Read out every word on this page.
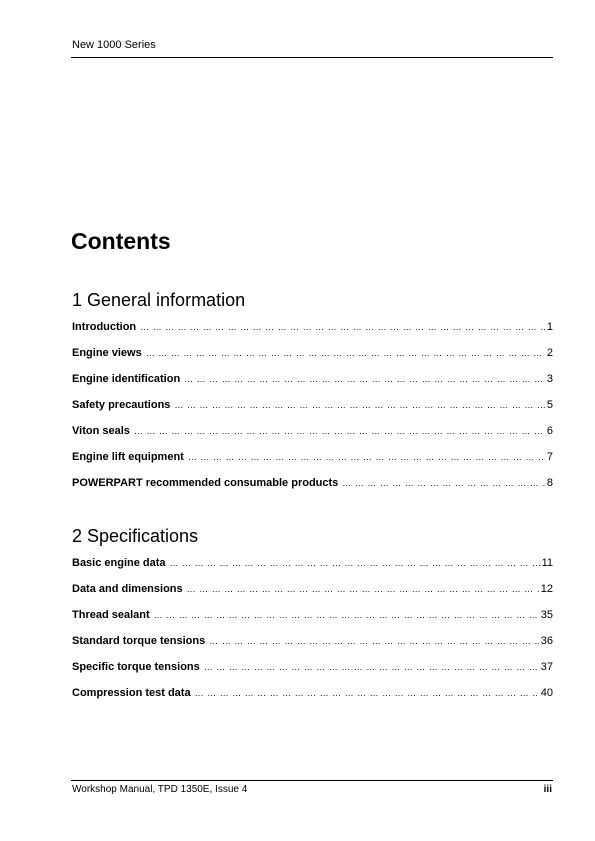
New 1000 Series
Contents
1 General information
Introduction … … … … … … … … … … … … … … … … … … … … … … … … … … … … … … … … … … … … … … … … … … … … … … … … … … … … … … … … … … … … … …	1
Engine views … … … … … … … … … … … … … … … … … … … … … … … … … … … … … … … … … … … … … … … … … … … … … … … … … … … … … … … … … … … … … …	2
Engine identification … … … … … … … … … … … … … … … … … … … … … … … … … … … … … … … … … … … … … … … … … … … … … … … … … … … … … … … … … … … … … …	3
Safety precautions … … … … … … … … … … … … … … … … … … … … … … … … … … … … … … … … … … … … … … … … … … … … … … … … … … … … … … … … … … … … … …	5
Viton seals … … … … … … … … … … … … … … … … … … … … … … … … … … … … … … … … … … … … … … … … … … … … … … … … … … … … … … … … … … … … … …	6
Engine lift equipment … … … … … … … … … … … … … … … … … … … … … … … … … … … … … … … … … … … … … … … … … … … … … … … … … … … … … … … … … … … … … …	7
POWERPART recommended consumable products … … … … … … … … … … … … … … … … … … … … … … … … … … … … … … … … … … … … … … … … … … … … … … … … … … … … … … … … … … … … … …	8
2 Specifications
Basic engine data … … … … … … … … … … … … … … … … … … … … … … … … … … … … … … … … … … … … … … … … … … … … … … … … … … … … … … … … … … … … … …	11
Data and dimensions … … … … … … … … … … … … … … … … … … … … … … … … … … … … … … … … … … … … … … … … … … … … … … … … … … … … … … … … … … … … … …	12
Thread sealant … … … … … … … … … … … … … … … … … … … … … … … … … … … … … … … … … … … … … … … … … … … … … … … … … … … … … … … … … … … … … …	35
Standard torque tensions … … … … … … … … … … … … … … … … … … … … … … … … … … … … … … … … … … … … … … … … … … … … … … … … … … … … … … … … … … … … … …	36
Specific torque tensions … … … … … … … … … … … … … … … … … … … … … … … … … … … … … … … … … … … … … … … … … … … … … … … … … … … … … … … … … … … … … …	37
Compression test data … … … … … … … … … … … … … … … … … … … … … … … … … … … … … … … … … … … … … … … … … … … … … … … … … … … … … … … … … … … … … …	40
Workshop Manual, TPD 1350E, Issue 4	iii
